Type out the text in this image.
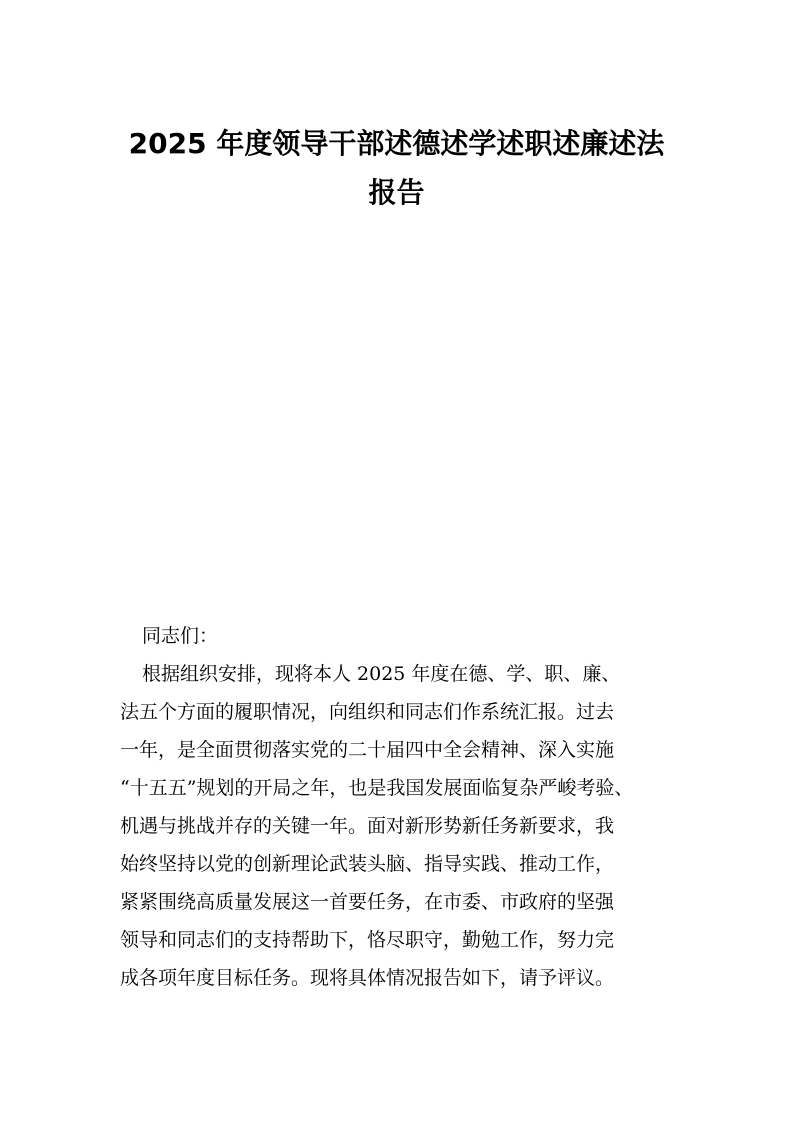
2025 年度领导干部述德述学述职述廉述法
报告

同志们：

根据组织安排，现将本人 2025 年度在德、学、职、廉、

法五个方面的履职情况，向组织和同志们作系统汇报。过去

一年，是全面贯彻落实党的二十届四中全会精神、深入实施

“十五五”规划的开局之年，也是我国发展面临复杂严峻考验、

机遇与挑战并存的关键一年。面对新形势新任务新要求，我

始终坚持以党的创新理论武装头脑、指导实践、推动工作，

紧紧围绕高质量发展这一首要任务，在市委、市政府的坚强

领导和同志们的支持帮助下，恪尽职守，勤勉工作，努力完

成各项年度目标任务。现将具体情况报告如下，请予评议。
